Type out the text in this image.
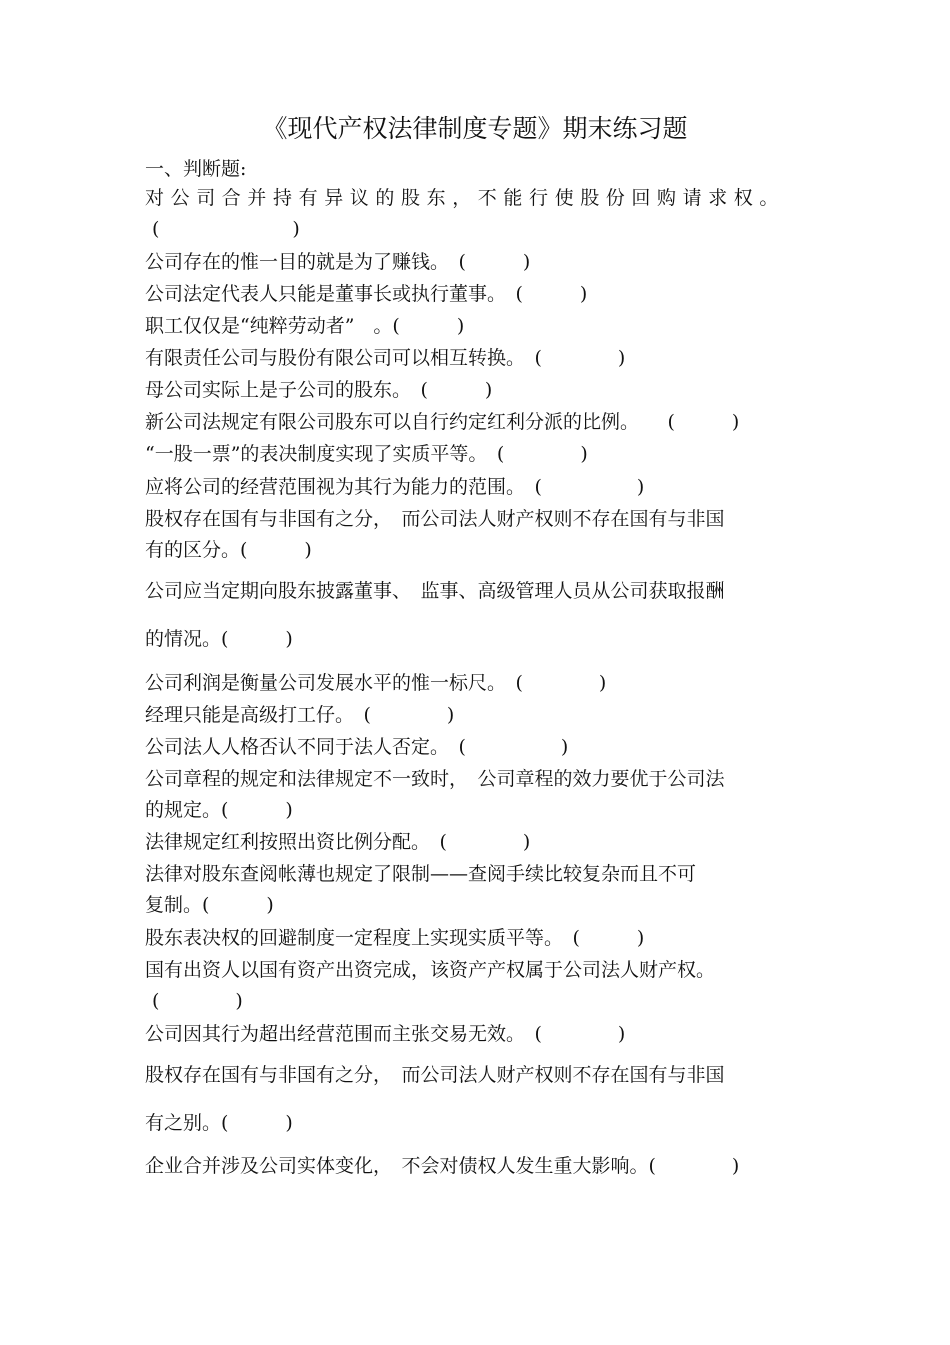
《现代产权法律制度专题》期末练习题
一、判断题:
对公司合并持有异议的股东，不能行使股份回购请求权。
(　　　　　　　)
公司存在的惟一目的就是为了赚钱。　(　　　)
公司法定代表人只能是董事长或执行董事。　(　　　)
职工仅仅是“纯粹劳动者”　。(　　　)
有限责任公司与股份有限公司可以相互转换。　(　　　　)
母公司实际上是子公司的股东。　(　　　)
新公司法规定有限公司股东可以自行约定红利分派的比例。　　(　　　)
“一股一票”的表决制度实现了实质平等。　(　　　　)
应将公司的经营范围视为其行为能力的范围。　(　　　　　)
股权存在国有与非国有之分，　而公司法人财产权则不存在国有与非国
有的区分。(　　　)
公司应当定期向股东披露董事、　监事、高级管理人员从公司获取报酬
的情况。(　　　)
公司利润是衡量公司发展水平的惟一标尺。　(　　　　)
经理只能是高级打工仔。　(　　　　)
公司法人人格否认不同于法人否定。　(　　　　　)
公司章程的规定和法律规定不一致时，　公司章程的效力要优于公司法
的规定。(　　　)
法律规定红利按照出资比例分配。　(　　　　)
法律对股东查阅帐薄也规定了限制——查阅手续比较复杂而且不可
复制。(　　　)
股东表决权的回避制度一定程度上实现实质平等。　(　　　)
国有出资人以国有资产出资完成，该资产产权属于公司法人财产权。
(　　　　)
公司因其行为超出经营范围而主张交易无效。　(　　　　)
股权存在国有与非国有之分，　而公司法人财产权则不存在国有与非国
有之别。(　　　)
企业合并涉及公司实体变化，　不会对债权人发生重大影响。(　　　　)
